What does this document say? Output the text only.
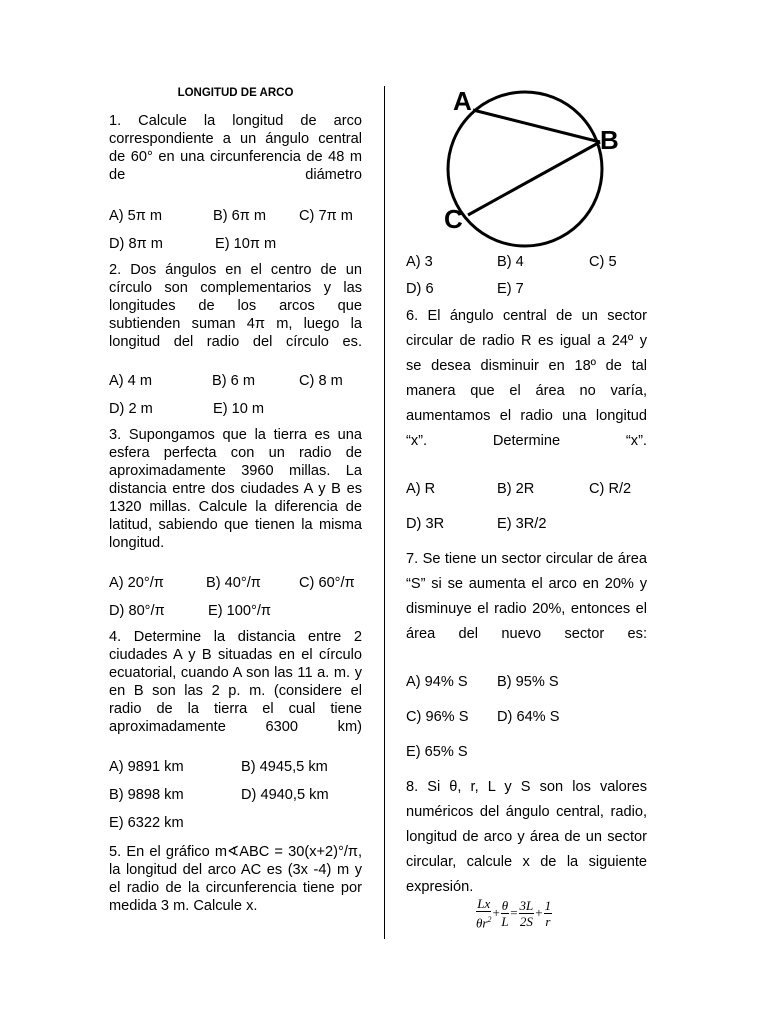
LONGITUD DE ARCO

1. Calcule la longitud de arco correspondiente a un ángulo central de 60° en una circunferencia de 48 m de diámetro

A) 5π m	B) 6π m C) 7π m
D) 8π m	E) 10π m

2. Dos ángulos en el centro de un círculo son complementarios y las longitudes de los arcos que subtienden suman 4π m, luego la longitud del radio del círculo es.

A) 4 m	B) 6 m	C) 8 m
D) 2 m	E) 10 m

3. Supongamos que la tierra es una esfera perfecta con un radio de aproximadamente 3960 millas. La distancia entre dos ciudades A y B es 1320 millas. Calcule la diferencia de latitud, sabiendo que tienen la misma longitud.

A) 20°/π	B) 40°/π	C) 60°/π
D) 80°/π	E) 100°/π

4. Determine la distancia entre 2 ciudades A y B situadas en el círculo ecuatorial, cuando A son las 11 a. m. y en B son las 2 p. m. (considere el radio de la tierra el cual tiene aproximadamente 6300 km)

A) 9891 km	B) 4945,5 km
B) 9898 km	D) 4940,5 km
E) 6322 km

5. En el gráfico m∢ABC = 30(x+2)°/π, la longitud del arco AC es (3x -4) m y el radio de la circunferencia tiene por medida 3 m. Calcule x.

A
B
C
A) 3	B) 4	C) 5
D) 6	E) 7

6. El ángulo central de un sector circular de radio R es igual a 24º y se desea disminuir en 18º de tal manera que el área no varía, aumentamos el radio una longitud “x”. Determine “x”.

A) R	B) 2R	C) R/2
D) 3R	E) 3R/2

7. Se tiene un sector circular de área “S” si se aumenta el arco en 20% y disminuye el radio 20%, entonces el área del nuevo sector es:

A) 94% S B) 95% S
C) 96% S D) 64% S
E) 65% S

8. Si θ, r, L y S son los valores numéricos del ángulo central, radio, longitud de arco y área de un sector circular, calcule x de la siguiente expresión.

$\frac{Lx}{\theta r^2} + \frac{\theta}{L} = \frac{3L}{2S} + \frac{1}{r}$
